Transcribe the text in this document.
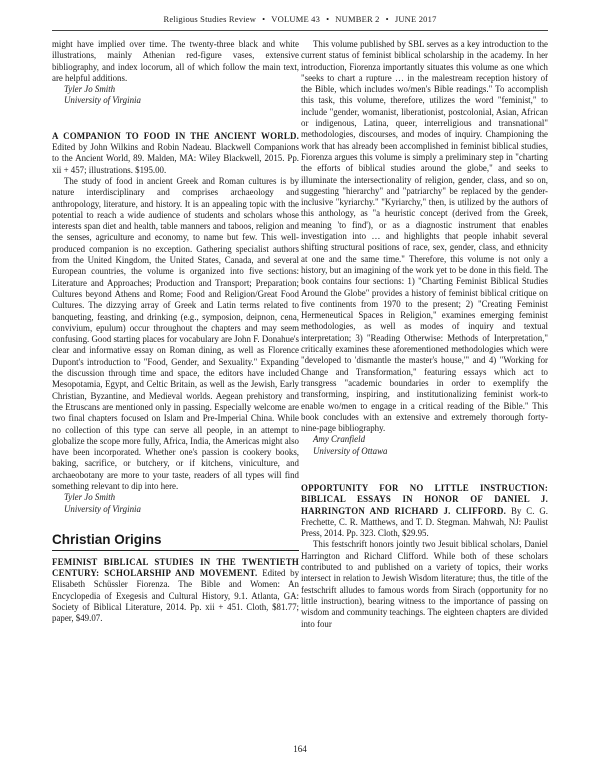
Religious Studies Review • VOLUME 43 • NUMBER 2 • JUNE 2017

might have implied over time. The twenty-three black and white illustrations, mainly Athenian red-figure vases, extensive bibliography, and index locorum, all of which follow the main text, are helpful additions.

Tyler Jo Smith

University of Virginia

A COMPANION TO FOOD IN THE ANCIENT WORLD. Edited by John Wilkins and Robin Nadeau. Blackwell Companions to the Ancient World, 89. Malden, MA: Wiley Blackwell, 2015. Pp. xii + 457; illustrations. $195.00.

The study of food in ancient Greek and Roman cultures is by nature interdisciplinary and comprises archaeology and anthropology, literature, and history. It is an appealing topic with the potential to reach a wide audience of students and scholars whose interests span diet and health, table manners and taboos, religion and the senses, agriculture and economy, to name but few. This well-produced companion is no exception. Gathering specialist authors from the United Kingdom, the United States, Canada, and several European countries, the volume is organized into five sections: Literature and Approaches; Production and Transport; Preparation; Cultures beyond Athens and Rome; Food and Religion/Great Food Cultures. The dizzying array of Greek and Latin terms related to banqueting, feasting, and drinking (e.g., symposion, deipnon, cena, convivium, epulum) occur throughout the chapters and may seem confusing. Good starting places for vocabulary are John F. Donahue's clear and informative essay on Roman dining, as well as Florence Dupont's introduction to "Food, Gender, and Sexuality." Expanding the discussion through time and space, the editors have included Mesopotamia, Egypt, and Celtic Britain, as well as the Jewish, Early Christian, Byzantine, and Medieval worlds. Aegean prehistory and the Etruscans are mentioned only in passing. Especially welcome are two final chapters focused on Islam and Pre-Imperial China. While no collection of this type can serve all people, in an attempt to globalize the scope more fully, Africa, India, the Americas might also have been incorporated. Whether one's passion is cookery books, baking, sacrifice, or butchery, or if kitchens, viniculture, and archaeobotany are more to your taste, readers of all types will find something relevant to dip into here.

Tyler Jo Smith

University of Virginia

Christian Origins

FEMINIST BIBLICAL STUDIES IN THE TWENTIETH CENTURY: SCHOLARSHIP AND MOVEMENT. Edited by Elisabeth Schüssler Fiorenza. The Bible and Women: An Encyclopedia of Exegesis and Cultural History, 9.1. Atlanta, GA: Society of Biblical Literature, 2014. Pp. xii + 451. Cloth, $81.77; paper, $49.07.

This volume published by SBL serves as a key introduction to the current status of feminist biblical scholarship in the academy. In her introduction, Fiorenza importantly situates this volume as one which "seeks to chart a rupture … in the malestream reception history of the Bible, which includes wo/men's Bible readings." To accomplish this task, this volume, therefore, utilizes the word "feminist," to include "gender, womanist, liberationist, postcolonial, Asian, African or indigenous, Latina, queer, interreligious and transnational" methodologies, discourses, and modes of inquiry. Championing the work that has already been accomplished in feminist biblical studies, Fiorenza argues this volume is simply a preliminary step in "charting the efforts of biblical studies around the globe," and seeks to illuminate the intersectionality of religion, gender, class, and so on, suggesting "hierarchy" and "patriarchy" be replaced by the gender-inclusive "kyriarchy." "Kyriarchy," then, is utilized by the authors of this anthology, as "a heuristic concept (derived from the Greek, meaning 'to find'), or as a diagnostic instrument that enables investigation into … and highlights that people inhabit several shifting structural positions of race, sex, gender, class, and ethnicity at one and the same time." Therefore, this volume is not only a history, but an imagining of the work yet to be done in this field. The book contains four sections: 1) "Charting Feminist Biblical Studies Around the Globe" provides a history of feminist biblical critique on five continents from 1970 to the present; 2) "Creating Feminist Hermeneutical Spaces in Religion," examines emerging feminist methodologies, as well as modes of inquiry and textual interpretation; 3) "Reading Otherwise: Methods of Interpretation," critically examines these aforementioned methodologies which were "developed to 'dismantle the master's house,'" and 4) "Working for Change and Transformation," featuring essays which act to transgress "academic boundaries in order to exemplify the transforming, inspiring, and institutionalizing feminist work-to enable wo/men to engage in a critical reading of the Bible." This book concludes with an extensive and extremely thorough forty-nine-page bibliography.

Amy Cranfield

University of Ottawa

OPPORTUNITY FOR NO LITTLE INSTRUCTION: BIBLICAL ESSAYS IN HONOR OF DANIEL J. HARRINGTON AND RICHARD J. CLIFFORD. By C. G. Frechette, C. R. Matthews, and T. D. Stegman. Mahwah, NJ: Paulist Press, 2014. Pp. 323. Cloth, $29.95.

This festschrift honors jointly two Jesuit biblical scholars, Daniel Harrington and Richard Clifford. While both of these scholars contributed to and published on a variety of topics, their works intersect in relation to Jewish Wisdom literature; thus, the title of the festschrift alludes to famous words from Sirach (opportunity for no little instruction), bearing witness to the importance of passing on wisdom and community teachings. The eighteen chapters are divided into four

164
